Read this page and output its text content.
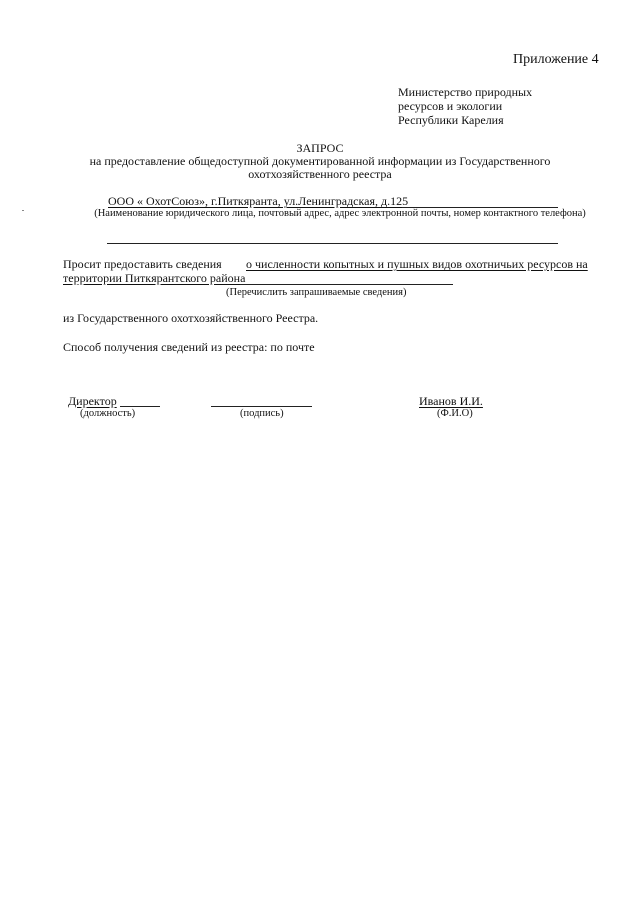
Приложение 4
Министерство природных
ресурсов и экологии
Республики Карелия
ЗАПРОС
на предоставление общедоступной документированной информации из Государственного
охотхозяйственного реестра
ООО « ОхотСоюз», г.Питкяранта, ул.Ленинградская, д.125
(Наименование юридического лица, почтовый адрес, адрес электронной почты, номер контактного телефона)
Просит предоставить сведения о численности копытных и пушных видов охотничьих ресурсов на
территории Питкярантского района
(Перечислить запрашиваемые сведения)
из Государственного охотхозяйственного Реестра.
Способ получения сведений из реестра: по почте
Директор
(должность)	(подпись)
Иванов И.И.
(Ф.И.О)
